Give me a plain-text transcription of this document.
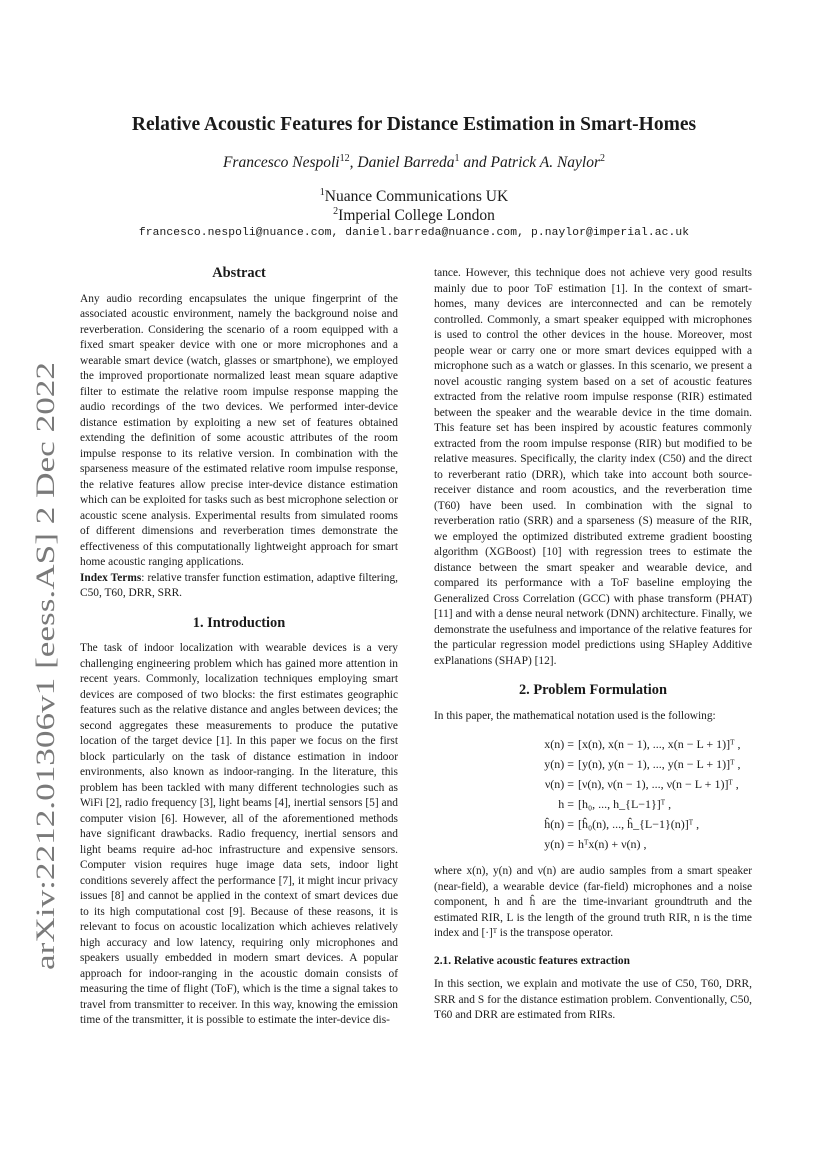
arXiv:2212.01306v1 [eess.AS] 2 Dec 2022
Relative Acoustic Features for Distance Estimation in Smart-Homes
Francesco Nespoli$^{12}$, Daniel Barreda$^1$ and Patrick A. Naylor$^2$
$^1$Nuance Communications UK
$^2$Imperial College London
francesco.nespoli@nuance.com, daniel.barreda@nuance.com, p.naylor@imperial.ac.uk
Abstract

Any audio recording encapsulates the unique fingerprint of the associated acoustic environment, namely the background noise and reverberation. Considering the scenario of a room equipped with a fixed smart speaker device with one or more microphones and a wearable smart device (watch, glasses or smartphone), we employed the improved proportionate normalized least mean square adaptive filter to estimate the relative room impulse response mapping the audio recordings of the two devices. We performed inter-device distance estimation by exploiting a new set of features obtained extending the definition of some acoustic attributes of the room impulse response to its relative version. In combination with the sparseness measure of the estimated relative room impulse response, the relative features allow precise inter-device distance estimation which can be exploited for tasks such as best microphone selection or acoustic scene analysis. Experimental results from simulated rooms of different dimensions and reverberation times demonstrate the effectiveness of this computationally lightweight approach for smart home acoustic ranging applications.

Index Terms: relative transfer function estimation, adaptive filtering, C50, T60, DRR, SRR.

1. Introduction

The task of indoor localization with wearable devices is a very challenging engineering problem which has gained more attention in recent years. Commonly, localization techniques employing smart devices are composed of two blocks: the first estimates geographic features such as the relative distance and angles between devices; the second aggregates these measurements to produce the putative location of the target device [1]. In this paper we focus on the first block particularly on the task of distance estimation in indoor environments, also known as indoor-ranging. In the literature, this problem has been tackled with many different technologies such as WiFi [2], radio frequency [3], light beams [4], inertial sensors [5] and computer vision [6]. However, all of the aforementioned methods have significant drawbacks. Radio frequency, inertial sensors and light beams require ad-hoc infrastructure and expensive sensors. Computer vision requires huge image data sets, indoor light conditions severely affect the performance [7], it might incur privacy issues [8] and cannot be applied in the context of smart devices due to its high computational cost [9]. Because of these reasons, it is relevant to focus on acoustic localization which achieves relatively high accuracy and low latency, requiring only microphones and speakers usually embedded in modern smart devices. A popular approach for indoor-ranging in the acoustic domain consists of measuring the time of flight (ToF), which is the time a signal takes to travel from transmitter to receiver. In this way, knowing the emission time of the transmitter, it is possible to estimate the inter-device dis-

tance. However, this technique does not achieve very good results mainly due to poor ToF estimation [1]. In the context of smart-homes, many devices are interconnected and can be remotely controlled. Commonly, a smart speaker equipped with microphones is used to control the other devices in the house. Moreover, most people wear or carry one or more smart devices equipped with a microphone such as a watch or glasses. In this scenario, we present a novel acoustic ranging system based on a set of acoustic features extracted from the relative room impulse response (RIR) estimated between the speaker and the wearable device in the time domain. This feature set has been inspired by acoustic features commonly extracted from the room impulse response (RIR) but modified to be relative measures. Specifically, the clarity index (C50) and the direct to reverberant ratio (DRR), which take into account both source-receiver distance and room acoustics, and the reverberation time (T60) have been used. In combination with the signal to reverberation ratio (SRR) and a sparseness (S) measure of the RIR, we employed the optimized distributed extreme gradient boosting algorithm (XGBoost) [10] with regression trees to estimate the distance between the smart speaker and wearable device, and compared its performance with a ToF baseline employing the Generalized Cross Correlation (GCC) with phase transform (PHAT) [11] and with a dense neural network (DNN) architecture. Finally, we demonstrate the usefulness and importance of the relative features for the particular regression model predictions using SHapley Additive exPlanations (SHAP) [12].

2. Problem Formulation

In this paper, the mathematical notation used is the following:

x(n) = [x(n), x(n − 1), ..., x(n − L + 1)]ᵀ ,
y(n) = [y(n), y(n − 1), ..., y(n − L + 1)]ᵀ ,
ν(n) = [ν(n), ν(n − 1), ..., ν(n − L + 1)]ᵀ ,
h = [h₀, ..., h_{L−1}]ᵀ ,
ĥ(n) = [ĥ₀(n), ..., ĥ_{L−1}(n)]ᵀ ,
y(n) = hᵀx(n) + ν(n) ,

where x(n), y(n) and ν(n) are audio samples from a smart speaker (near-field), a wearable device (far-field) microphones and a noise component, h and ĥ are the time-invariant groundtruth and the estimated RIR, L is the length of the ground truth RIR, n is the time index and [·]ᵀ is the transpose operator.

2.1. Relative acoustic features extraction

In this section, we explain and motivate the use of C50, T60, DRR, SRR and S for the distance estimation problem. Conventionally, C50, T60 and DRR are estimated from RIRs.
